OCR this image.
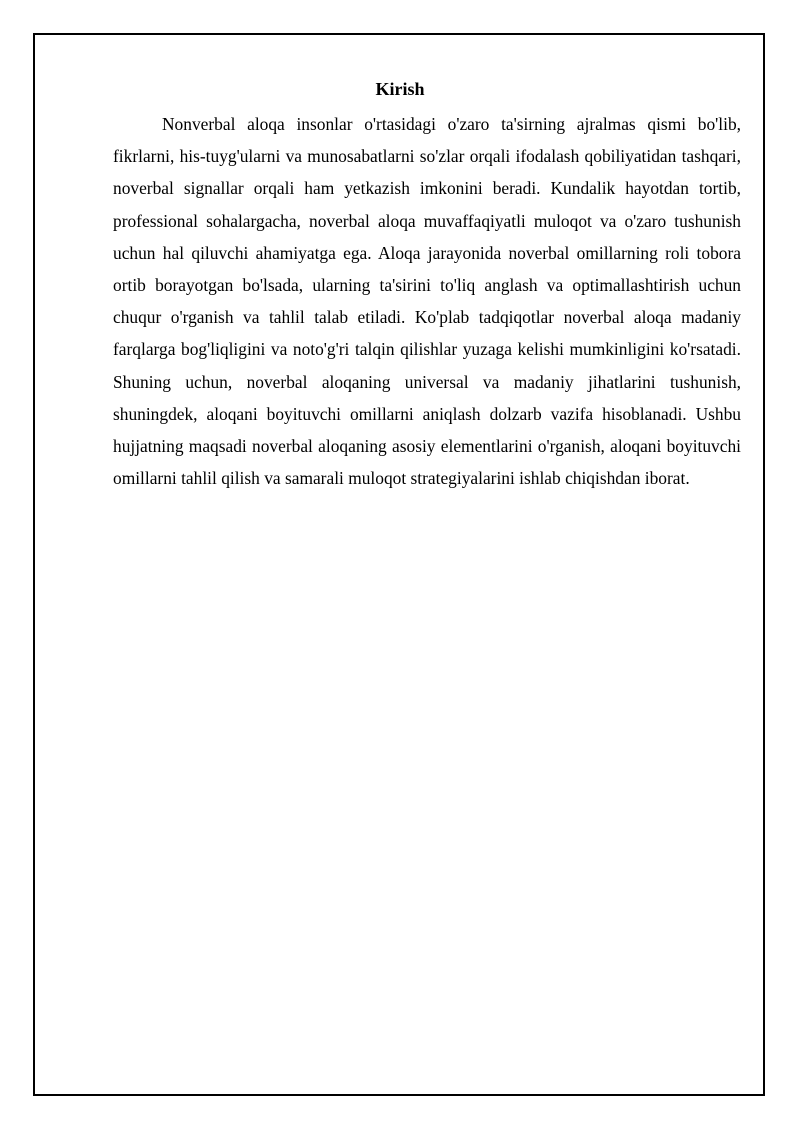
Kirish

Nonverbal aloqa insonlar o'rtasidagi o'zaro ta'sirning ajralmas qismi bo'lib, fikrlarni, his-tuyg'ularni va munosabatlarni so'zlar orqali ifodalash qobiliyatidan tashqari, noverbal signallar orqali ham yetkazish imkonini beradi. Kundalik hayotdan tortib, professional sohalargacha, noverbal aloqa muvaffaqiyatli muloqot va o'zaro tushunish uchun hal qiluvchi ahamiyatga ega. Aloqa jarayonida noverbal omillarning roli tobora ortib borayotgan bo'lsada, ularning ta'sirini to'liq anglash va optimallashtirish uchun chuqur o'rganish va tahlil talab etiladi. Ko'plab tadqiqotlar noverbal aloqa madaniy farqlarga bog'liqligini va noto'g'ri talqin qilishlar yuzaga kelishi mumkinligini ko'rsatadi. Shuning uchun, noverbal aloqaning universal va madaniy jihatlarini tushunish, shuningdek, aloqani boyituvchi omillarni aniqlash dolzarb vazifa hisoblanadi. Ushbu hujjatning maqsadi noverbal aloqaning asosiy elementlarini o'rganish, aloqani boyituvchi omillarni tahlil qilish va samarali muloqot strategiyalarini ishlab chiqishdan iborat.
